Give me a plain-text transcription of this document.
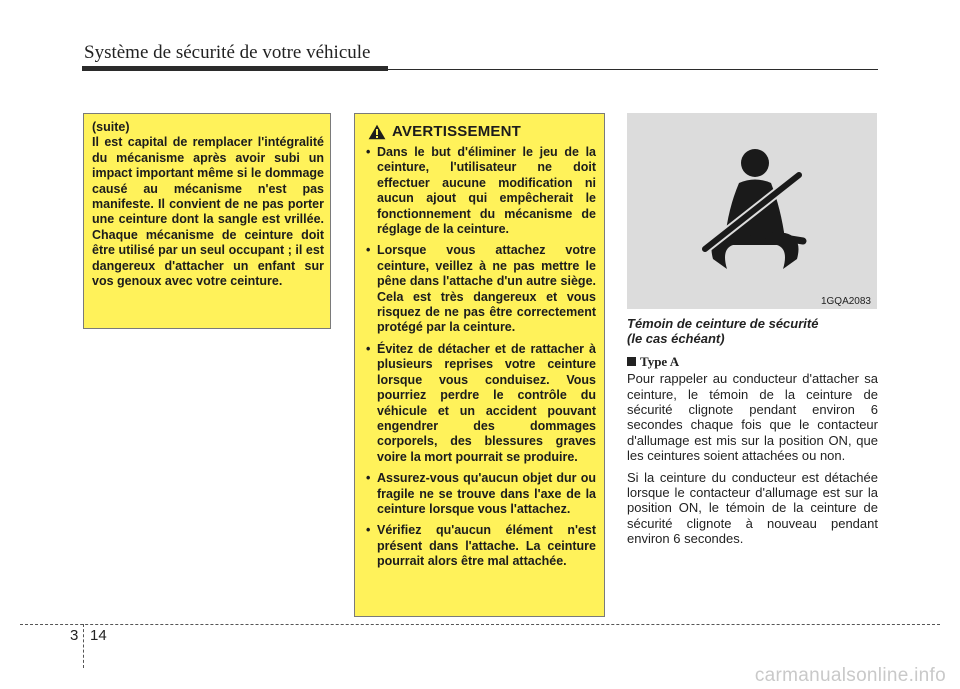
Système de sécurité de votre véhicule

(suite)

Il est capital de remplacer l'intégralité du mécanisme après avoir subi un impact important même si le dommage causé au mécanisme n'est pas manifeste. Il convient de ne pas porter une ceinture dont la sangle est vrillée. Chaque mécanisme de ceinture doit être utilisé par un seul occupant ; il est dangereux d'attacher un enfant sur vos genoux avec votre ceinture.

AVERTISSEMENT
• Dans le but d'éliminer le jeu de la ceinture, l'utilisateur ne doit effectuer aucune modification ni aucun ajout qui empêcherait le fonctionnement du mécanisme de réglage de la ceinture.
• Lorsque vous attachez votre ceinture, veillez à ne pas mettre le pêne dans l'attache d'un autre siège. Cela est très dangereux et vous risquez de ne pas être correctement protégé par la ceinture.
• Évitez de détacher et de rattacher à plusieurs reprises votre ceinture lorsque vous conduisez. Vous pourriez perdre le contrôle du véhicule et un accident pouvant engendrer des dommages corporels, des blessures graves voire la mort pourrait se produire.
• Assurez-vous qu'aucun objet dur ou fragile ne se trouve dans l'axe de la ceinture lorsque vous l'attachez.
• Vérifiez qu'aucun élément n'est présent dans l'attache. La ceinture pourrait alors être mal attachée.
1GQA2083
Témoin de ceinture de sécurité
(le cas échéant)
Type A

Pour rappeler au conducteur d'attacher sa ceinture, le témoin de la ceinture de sécurité clignote pendant environ 6 secondes chaque fois que le contacteur d'allumage est mis sur la position ON, que les ceintures soient attachées ou non.

Si la ceinture du conducteur est détachée lorsque le contacteur d'allumage est sur la position ON, le témoin de la ceinture de sécurité clignote à nouveau pendant environ 6 secondes.

3 14
carmanualsonline.info
